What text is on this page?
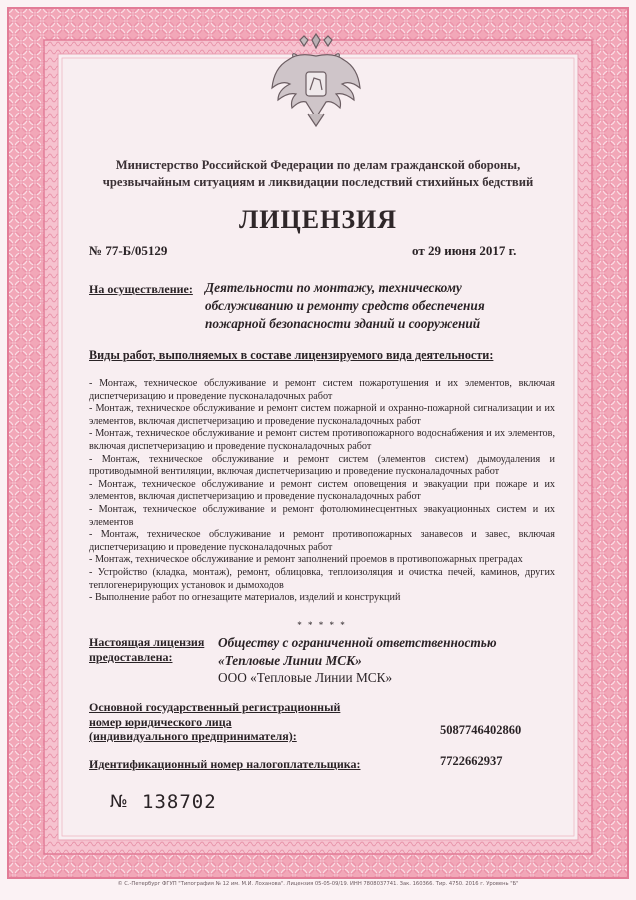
Министерство Российской Федерации по делам гражданской обороны,
чрезвычайным ситуациям и ликвидации последствий стихийных бедствий
ЛИЦЕНЗИЯ
№ 77-Б/05129	от 29 июня 2017 г.
На осуществление: Деятельности по монтажу, техническому
обслуживанию и ремонту средств обеспечения
пожарной безопасности зданий и сооружений
Виды работ, выполняемых в составе лицензируемого вида деятельности:

- Монтаж, техническое обслуживание и ремонт систем пожаротушения и их элементов, включая диспетчеризацию и проведение пусконаладочных работ

- Монтаж, техническое обслуживание и ремонт систем пожарной и охранно-пожарной сигнализации и их элементов, включая диспетчеризацию и проведение пусконаладочных работ

- Монтаж, техническое обслуживание и ремонт систем противопожарного водоснабжения и их элементов, включая диспетчеризацию и проведение пусконаладочных работ

- Монтаж, техническое обслуживание и ремонт систем (элементов систем) дымоудаления и противодымной вентиляции, включая диспетчеризацию и проведение пусконаладочных работ

- Монтаж, техническое обслуживание и ремонт систем оповещения и эвакуации при пожаре и их элементов, включая диспетчеризацию и проведение пусконаладочных работ

- Монтаж, техническое обслуживание и ремонт фотолюминесцентных эвакуационных систем и их элементов

- Монтаж, техническое обслуживание и ремонт противопожарных занавесов и завес, включая диспетчеризацию и проведение пусконаладочных работ

- Монтаж, техническое обслуживание и ремонт заполнений проемов в противопожарных преградах

- Устройство (кладка, монтаж), ремонт, облицовка, теплоизоляция и очистка печей, каминов, других теплогенерирующих установок и дымоходов

- Выполнение работ по огнезащите материалов, изделий и конструкций

* * * * *
Настоящая лицензия
предоставлена:
Обществу с ограниченной ответственностью
«Тепловые Линии МСК»
ООО «Тепловые Линии МСК»
Основной государственный регистрационный
номер юридического лица
(индивидуального предпринимателя):	5087746402860
Идентификационный номер налогоплательщика:	7722662937
№ 138702
© С.-Петербург ФГУП "Типография № 12 им. М.И. Лоханова". Лицензия 05-05-09/19. ИНН 7808037741. Зак. 160366. Тир. 4750. 2016 г. Уровень "Б"
